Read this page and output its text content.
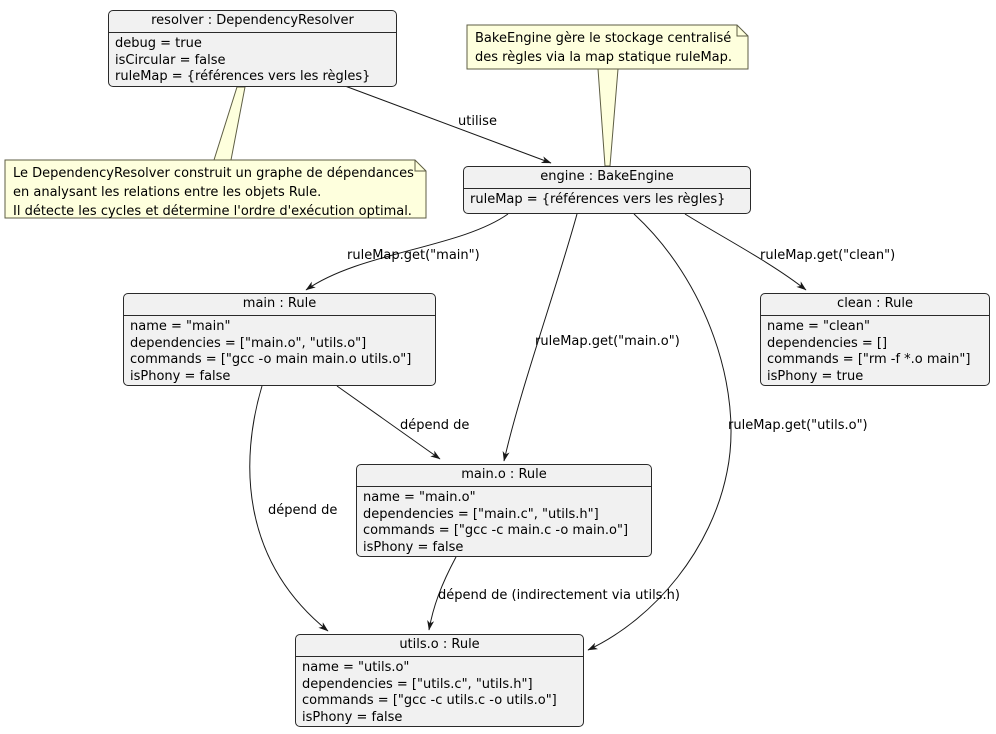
resolver : DependencyResolver
debug = true
isCircular = false
ruleMap = {références vers les règles}
engine : BakeEngine
ruleMap = {références vers les règles}
main : Rule
name = "main"
dependencies = ["main.o", "utils.o"]
commands = ["gcc -o main main.o utils.o"]
isPhony = false
clean : Rule
name = "clean"
dependencies = []
commands = ["rm -f *.o main"]
isPhony = true
main.o : Rule
name = "main.o"
dependencies = ["main.c", "utils.h"]
commands = ["gcc -c main.c -o main.o"]
isPhony = false
utils.o : Rule
name = "utils.o"
dependencies = ["utils.c", "utils.h"]
commands = ["gcc -c utils.c -o utils.o"]
isPhony = false
BakeEngine gère le stockage centralisé
des règles via la map statique ruleMap.
Le DependencyResolver construit un graphe de dépendances
en analysant les relations entre les objets Rule.
Il détecte les cycles et détermine l'ordre d'exécution optimal.
utilise
ruleMap.get("main")	ruleMap.get("clean")
ruleMap.get("main.o")
ruleMap.get("utils.o")
dépend de
dépend de
dépend de (indirectement via utils.h)
